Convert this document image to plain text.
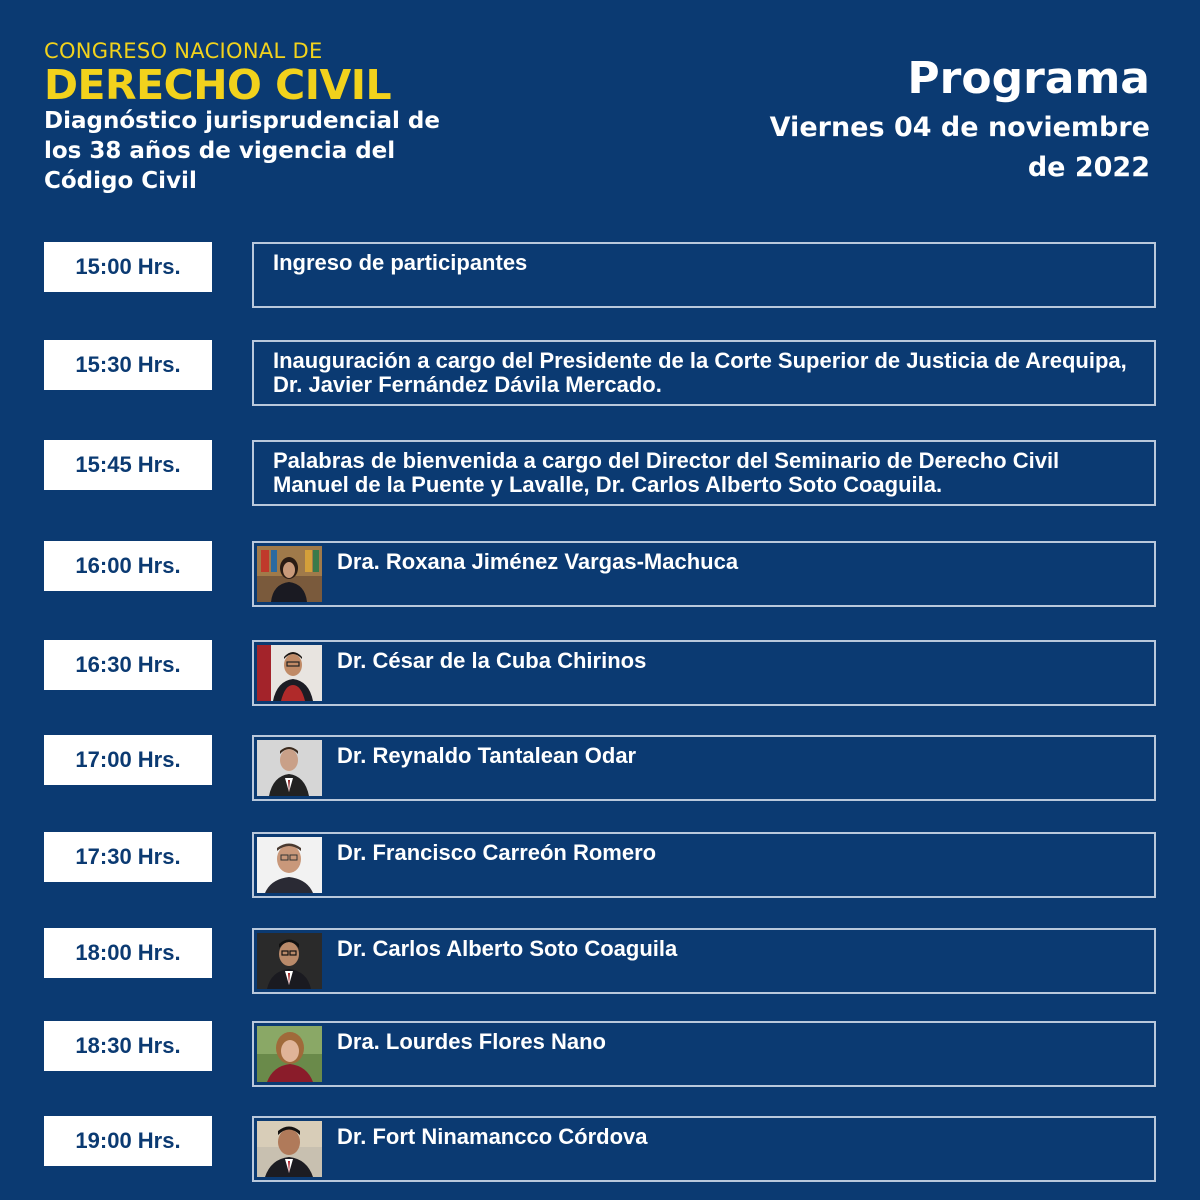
CONGRESO NACIONAL DE
DERECHO CIVIL
Diagnóstico jurisprudencial de los 38 años de vigencia del Código Civil
Programa
Viernes 04 de noviembre
de 2022
15:00 Hrs.	Ingreso de participantes
15:30 Hrs.	Inauguración a cargo del Presidente de la Corte Superior de Justicia de Arequipa, Dr. Javier Fernández Dávila Mercado.
15:45 Hrs.	Palabras de bienvenida a cargo del Director del Seminario de Derecho Civil Manuel de la Puente y Lavalle, Dr. Carlos Alberto Soto Coaguila.
16:00 Hrs.	Dra. Roxana Jiménez Vargas-Machuca
16:30 Hrs.	Dr. César de la Cuba Chirinos
17:00 Hrs.	Dr. Reynaldo Tantalean Odar
17:30 Hrs.	Dr. Francisco Carreón Romero
18:00 Hrs.	Dr. Carlos Alberto Soto Coaguila
18:30 Hrs.	Dra. Lourdes Flores Nano
19:00 Hrs.	Dr. Fort Ninamancco Córdova
